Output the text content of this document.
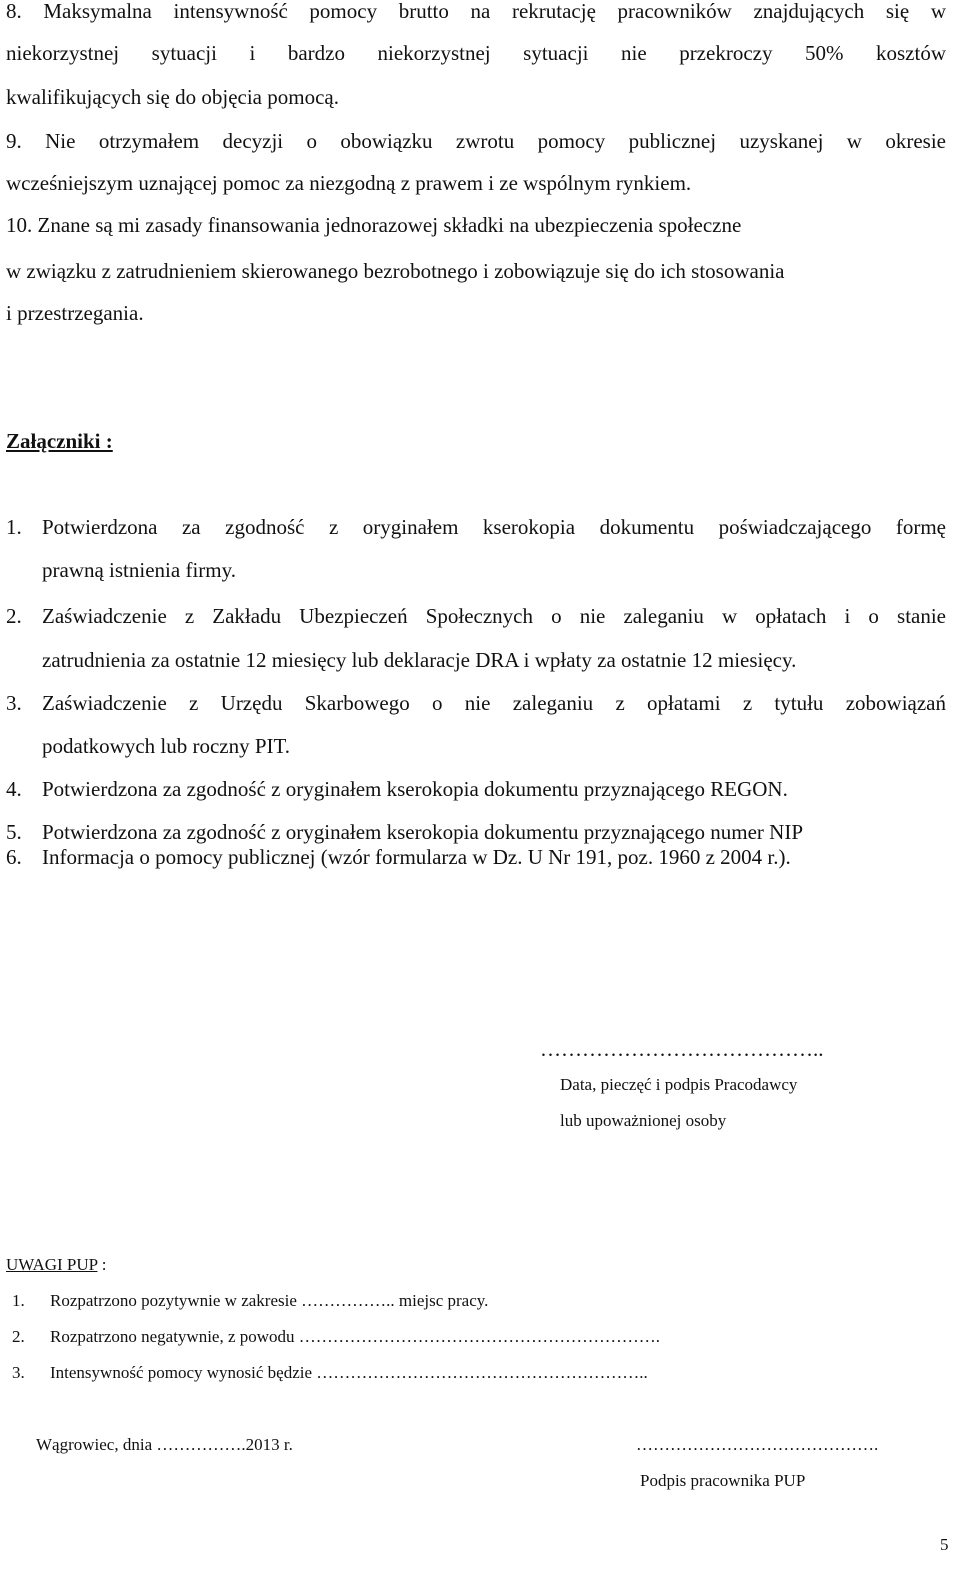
8. Maksymalna intensywność pomocy brutto na rekrutację pracowników znajdujących się w
niekorzystnej sytuacji i bardzo niekorzystnej sytuacji nie przekroczy 50% kosztów
kwalifikujących się do objęcia pomocą.
9. Nie otrzymałem decyzji o obowiązku zwrotu pomocy publicznej uzyskanej w okresie
wcześniejszym uznającej pomoc za niezgodną z prawem i ze wspólnym rynkiem.
10. Znane są mi zasady finansowania jednorazowej składki na ubezpieczenia społeczne
w związku z zatrudnieniem skierowanego bezrobotnego i zobowiązuje się do ich stosowania
i przestrzegania.
Załączniki :
1. Potwierdzona za zgodność z oryginałem kserokopia dokumentu poświadczającego formę
prawną istnienia firmy.
2. Zaświadczenie z Zakładu Ubezpieczeń Społecznych o nie zaleganiu w opłatach i o stanie
zatrudnienia za ostatnie 12 miesięcy lub deklaracje DRA i wpłaty za ostatnie 12 miesięcy.
3. Zaświadczenie z Urzędu Skarbowego o nie zaleganiu z opłatami z tytułu zobowiązań
podatkowych lub roczny PIT.
4. Potwierdzona za zgodność z oryginałem kserokopia dokumentu przyznającego REGON.
5. Potwierdzona za zgodność z oryginałem kserokopia dokumentu przyznającego numer NIP
6. Informacja o pomocy publicznej (wzór formularza w Dz. U Nr 191, poz. 1960 z 2004 r.).
…………………………………..
Data, pieczęć i podpis Pracodawcy
lub upoważnionej osoby
UWAGI PUP :
1. Rozpatrzono pozytywnie w zakresie …………….. miejsc pracy.
2. Rozpatrzono negatywnie, z powodu ……………………………………………………….
3. Intensywność pomocy wynosić będzie …………………………………………………..
Wągrowiec, dnia …………….2013 r.	…………………………………….
Podpis pracownika PUP
5
